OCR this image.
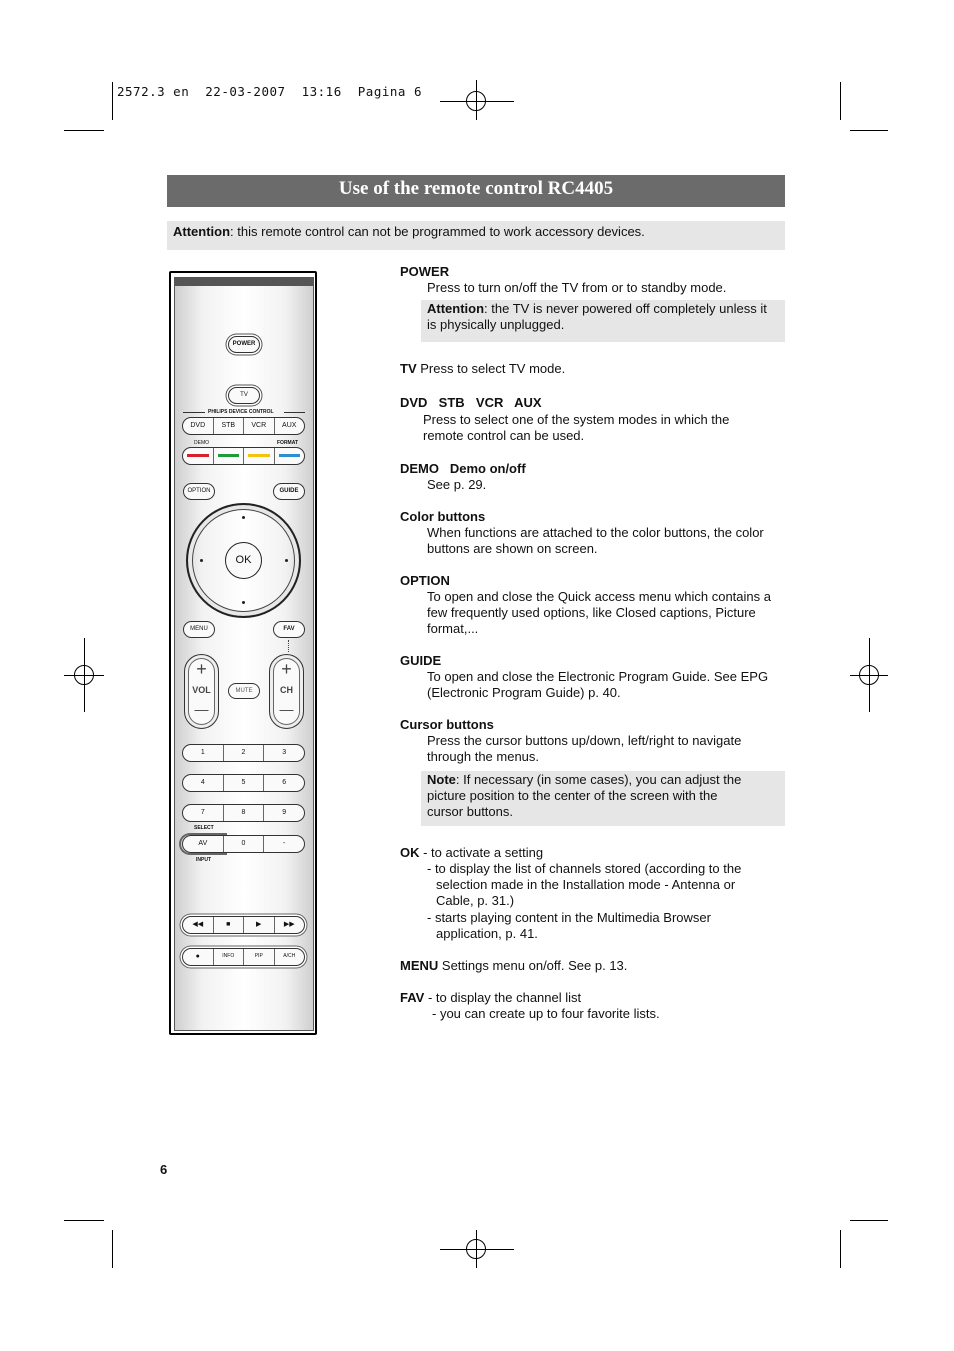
2572.3 en  22-03-2007  13:16  Pagina 6
Use of the remote control RC4405
Attention: this remote control can not be programmed to work accessory devices.
POWER
TV
PHILIPS DEVICE CONTROL
DVD	STB	VCR	AUX
DEMO	FORMAT
OPTION	GUIDE
OK
MENU	FAV
+
VOL
—
+
CH
—
MUTE
1	2	3
4	5	6
7	8	9
SELECT
AV	0	-
INPUT
◀◀	■	▶	▶▶
●	INFO	PIP	A/CH
POWER
Press to turn on/off the TV from or to standby mode.
Attention: the TV is never powered off completely unless it is physically unplugged.
TV Press to select TV mode.
DVD  STB  VCR  AUX
Press to select one of the system modes in which the remote control can be used.
DEMO   Demo on/off
See p. 29.
Color buttons
When functions are attached to the color buttons, the color buttons are shown on screen.
OPTION
To open and close the Quick access menu which contains a few frequently used options, like Closed captions, Picture format,...
GUIDE
To open and close the Electronic Program Guide. See EPG (Electronic Program Guide) p. 40.
Cursor buttons
Press the cursor buttons up/down, left/right to navigate through the menus.
Note: If necessary (in some cases), you can adjust the picture position to the center of the screen with the cursor buttons.
OK - to activate a setting
- to display the list of channels stored (according to the selection made in the Installation mode - Antenna or Cable, p. 31.)
- starts playing content in the Multimedia Browser application, p. 41.
MENU Settings menu on/off. See p. 13.
FAV - to display the channel list
- you can create up to four favorite lists.
6
